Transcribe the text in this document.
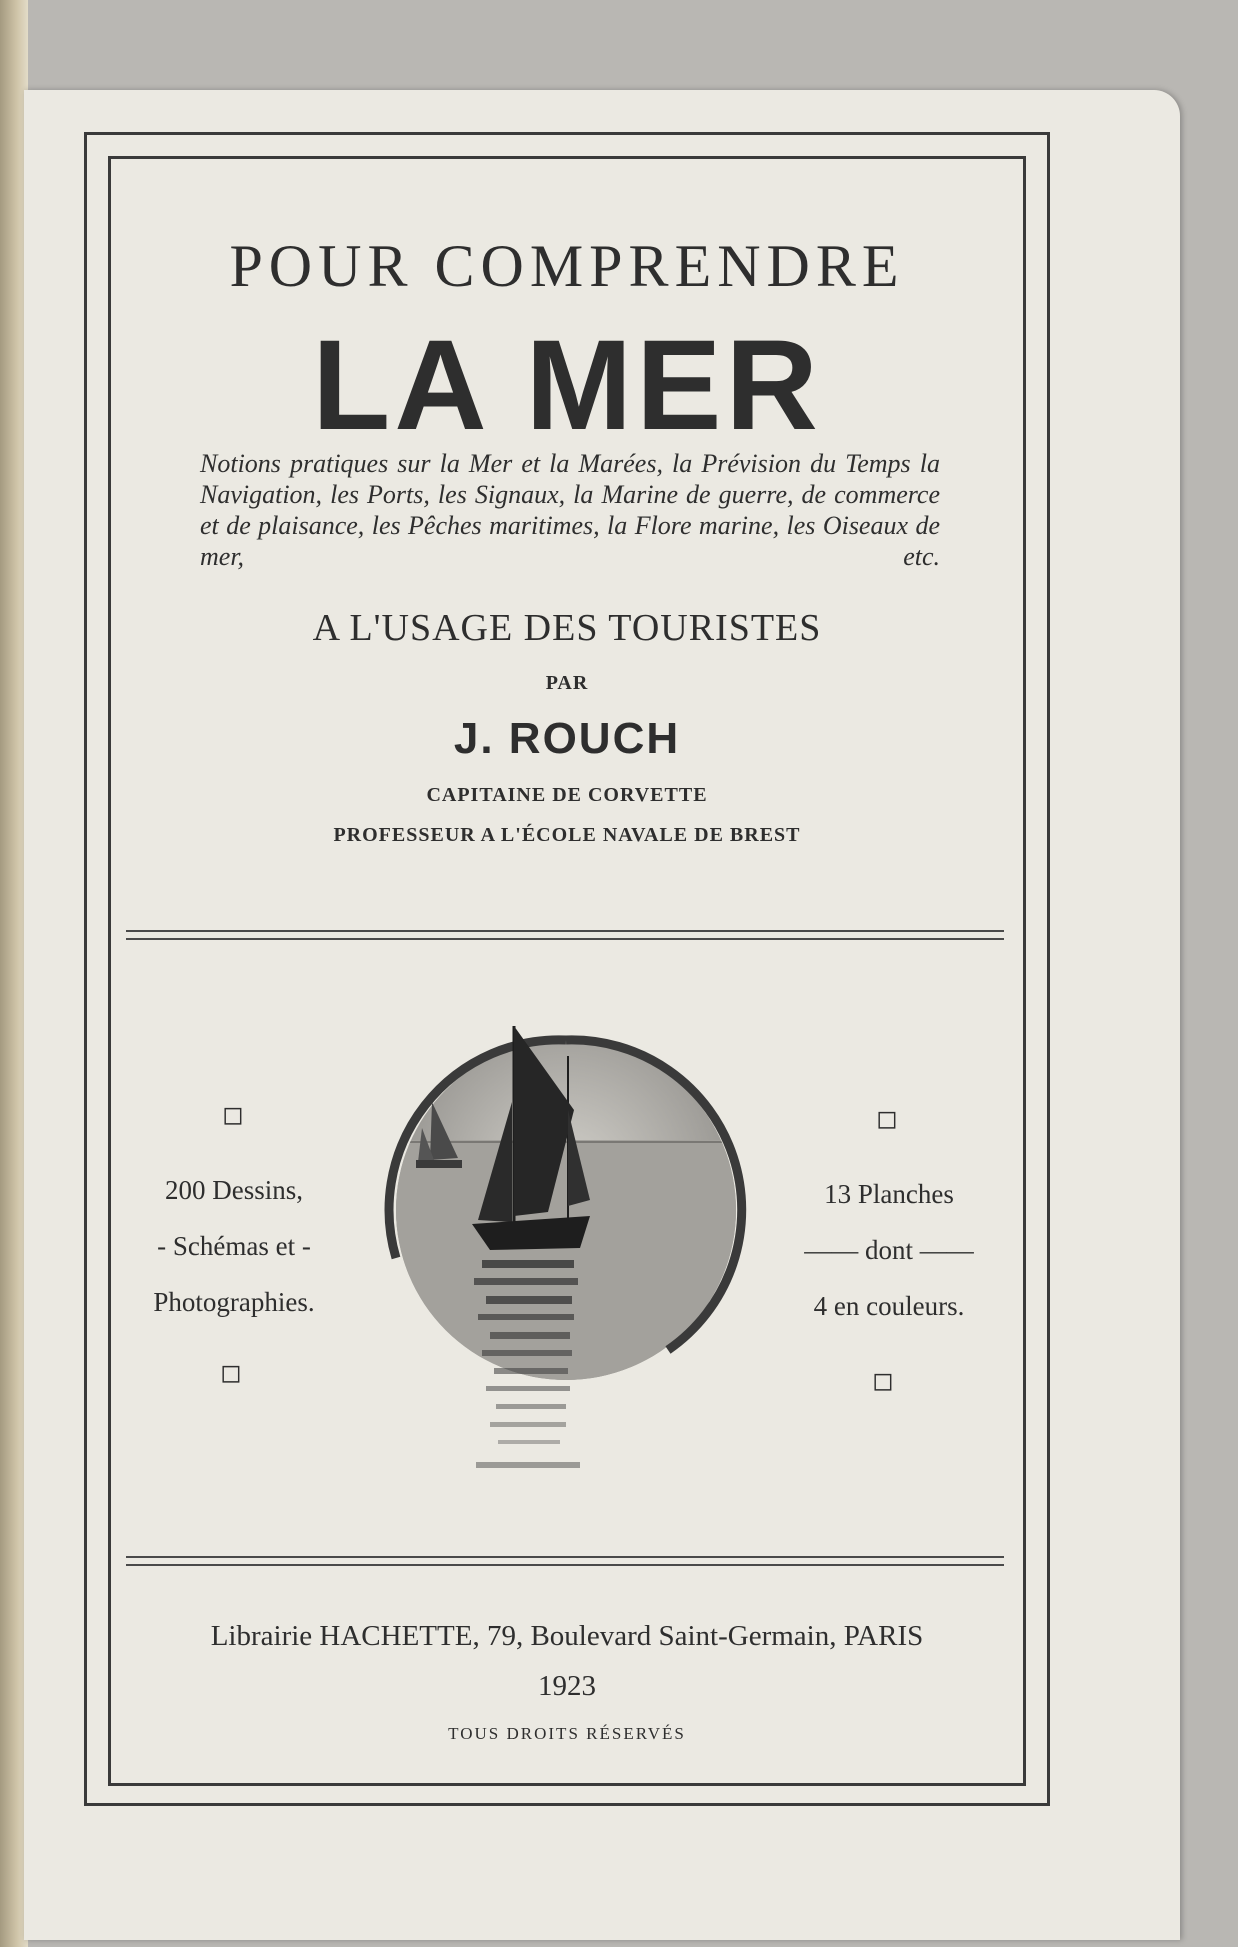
POUR COMPRENDRE
LA MER
Notions pratiques sur la Mer et la Marées, la Prévision du Temps la Navigation, les Ports, les Signaux, la Marine de guerre, de commerce et de plaisance, les Pêches maritimes, la Flore marine, les Oiseaux de mer, etc.
A L'USAGE DES TOURISTES
PAR
J. ROUCH
CAPITAINE DE CORVETTE
PROFESSEUR A L'ÉCOLE NAVALE DE BREST
◻	◻
◻	◻
200 Dessins,
- Schémas et -
Photographies.
13 Planches
—— dont ——
4 en couleurs.
Librairie HACHETTE, 79, Boulevard Saint-Germain, PARIS
1923
TOUS DROITS RÉSERVÉS
